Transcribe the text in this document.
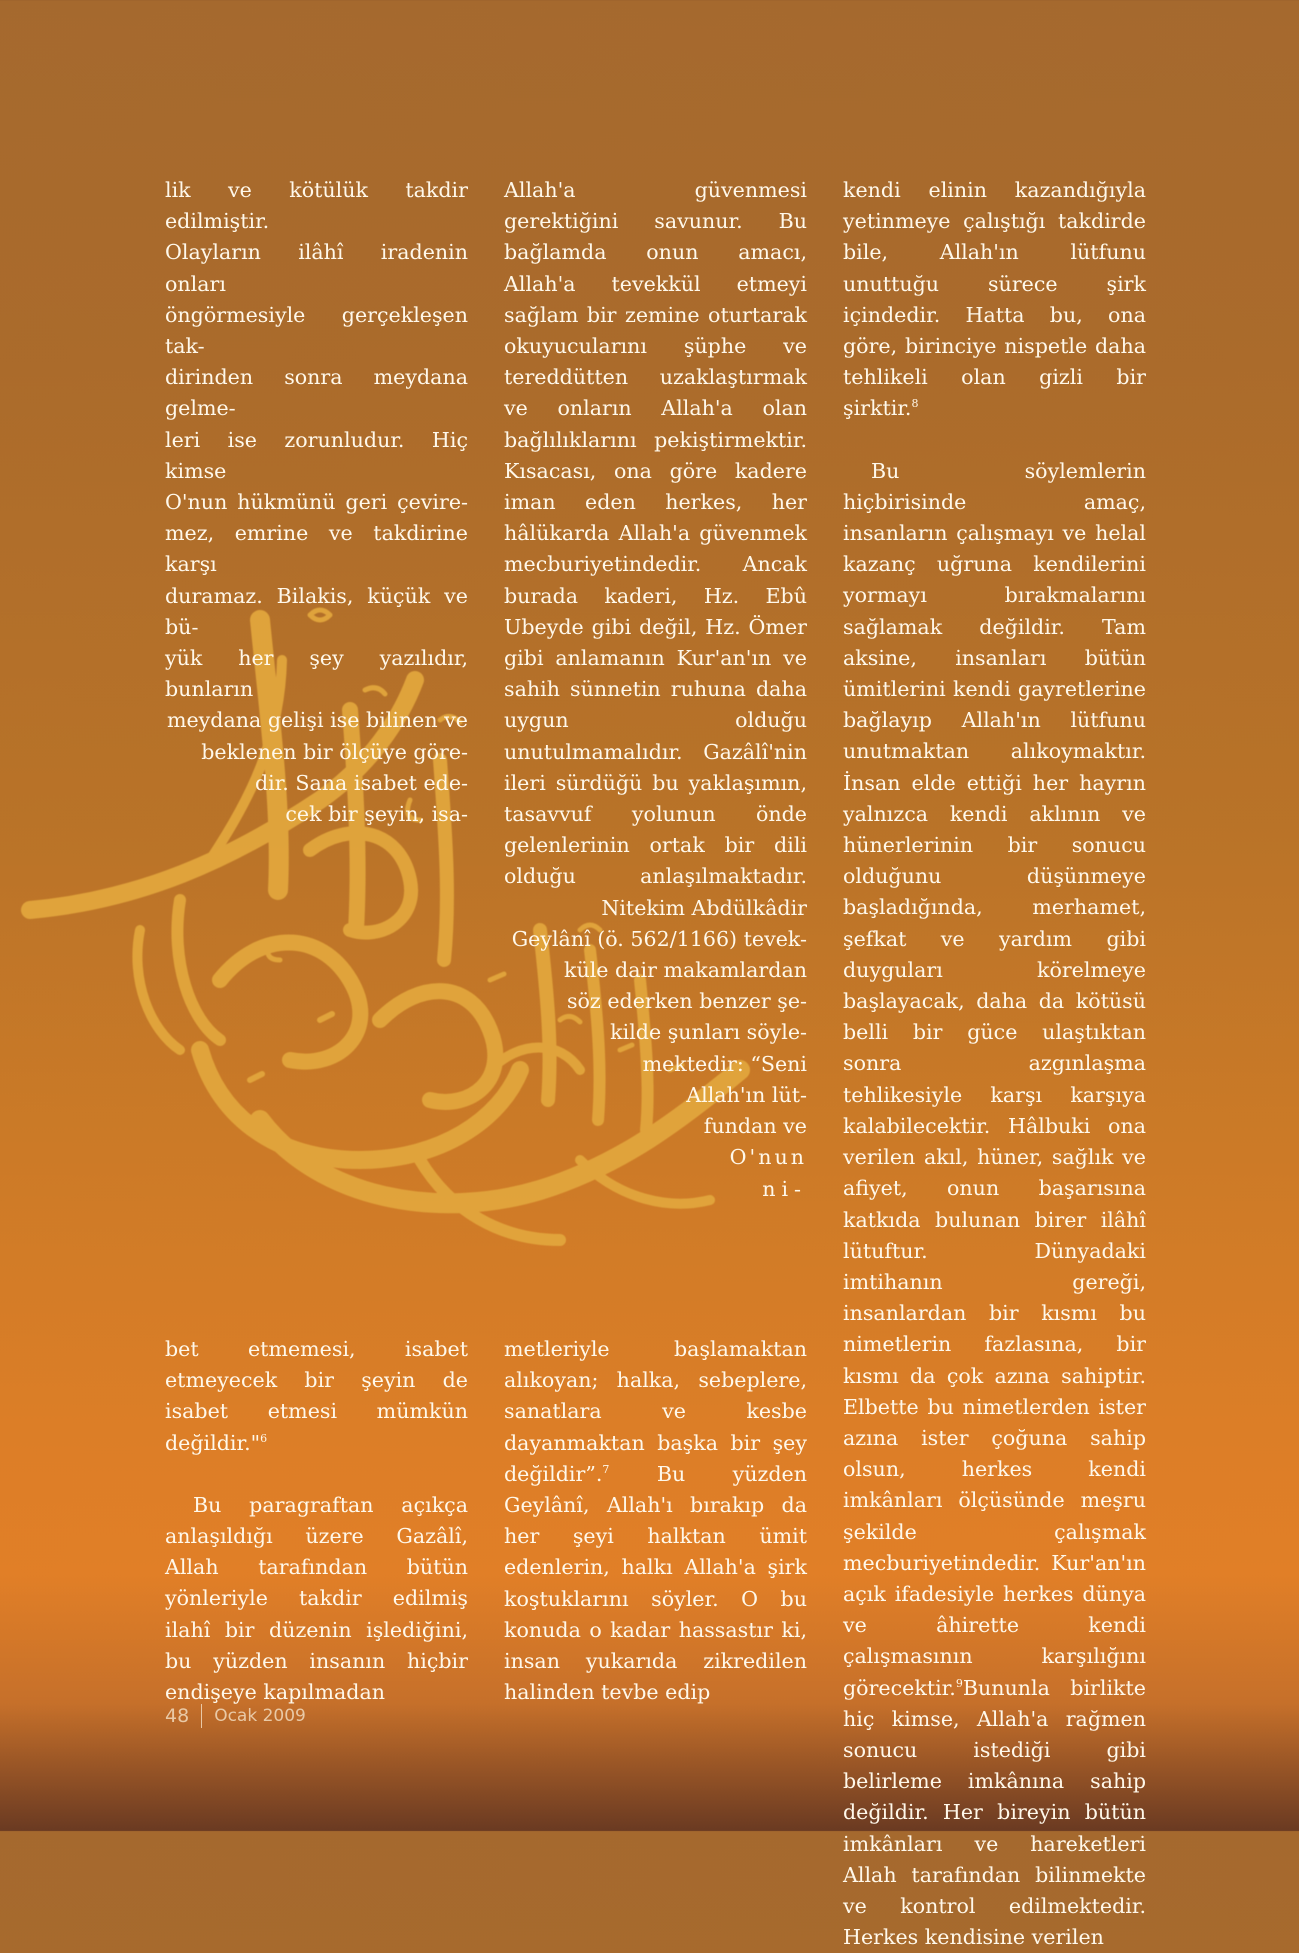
lik ve kötülük takdir edilmiştir.
Olayların ilâhî iradenin onları
öngörmesiyle gerçekleşen tak-
dirinden sonra meydana gelme-
leri ise zorunludur. Hiç kimse
O'nun hükmünü geri çevire-
mez, emrine ve takdirine karşı
duramaz. Bilakis, küçük ve bü-
yük her şey yazılıdır, bunların
meydana gelişi ise bilinen ve
beklenen bir ölçüye göre-
dir. Sana isabet ede-
cek bir şeyin, isa-

bet etmemesi, isabet etmeyecek bir şeyin de isabet etmesi mümkün değildir."$^6$

Bu paragraftan açıkça anlaşıldığı üzere Gazâlî, Allah tarafından bütün yönleriyle takdir edilmiş ilahî bir düzenin işlediğini, bu yüzden insanın hiçbir endişeye kapılmadan

Allah'a güvenmesi gerektiğini savunur. Bu bağlamda onun amacı, Allah'a tevekkül etmeyi sağlam bir zemine oturtarak okuyucularını şüphe ve tereddütten uzaklaştırmak ve onların Allah'a olan bağlılıklarını pekiştirmektir. Kısacası, ona göre kadere iman eden herkes, her hâlükarda Allah'a güvenmek mecburiyetindedir. Ancak burada kaderi, Hz. Ebû Ubeyde gibi değil, Hz. Ömer gibi anlamanın Kur'an'ın ve sahih sünnetin ruhuna daha uygun olduğu unutulmamalıdır. Gazâlî'nin ileri sürdüğü bu yaklaşımın, tasavvuf yolunun önde gelenlerinin ortak bir dili olduğu anlaşılmaktadır. Nitekim Abdülkâdir

Geylânî (ö. 562/1166) tevek-
küle dair makamlardan
söz ederken benzer şe-
kilde şunları söyle-
mektedir: “Seni
Allah'ın lüt-
fundan ve
O'nun
ni-

metleriyle başlamaktan alıkoyan; halka, sebeplere, sanatlara ve kesbe dayanmaktan başka bir şey değildir”.$^7$ Bu yüzden Geylânî, Allah'ı bırakıp da her şeyi halktan ümit edenlerin, halkı Allah'a şirk koştuklarını söyler. O bu konuda o kadar hassastır ki, insan yukarıda zikredilen halinden tevbe edip

kendi elinin kazandığıyla yetinmeye çalıştığı takdirde bile, Allah'ın lütfunu unuttuğu sürece şirk içindedir. Hatta bu, ona göre, birinciye nispetle daha tehlikeli olan gizli bir şirktir.$^8$

Bu söylemlerin hiçbirisinde amaç, insanların çalışmayı ve helal kazanç uğruna kendilerini yormayı bırakmalarını sağlamak değildir. Tam aksine, insanları bütün ümitlerini kendi gayretlerine bağlayıp Allah'ın lütfunu unutmaktan alıkoymaktır. İnsan elde ettiği her hayrın yalnızca kendi aklının ve hünerlerinin bir sonucu olduğunu düşünmeye başladığında, merhamet, şefkat ve yardım gibi duyguları körelmeye başlayacak, daha da kötüsü belli bir güce ulaştıktan sonra azgınlaşma tehlikesiyle karşı karşıya kalabilecektir. Hâlbuki ona verilen akıl, hüner, sağlık ve afiyet, onun başarısına katkıda bulunan birer ilâhî lütuftur. Dünyadaki imtihanın gereği, insanlardan bir kısmı bu nimetlerin fazlasına, bir kısmı da çok azına sahiptir. Elbette bu nimetlerden ister azına ister çoğuna sahip olsun, herkes kendi imkânları ölçüsünde meşru şekilde çalışmak mecburiyetindedir. Kur'an'ın açık ifadesiyle herkes dünya ve âhirette kendi çalışmasının karşılığını görecektir.$^9$Bununla birlikte hiç kimse, Allah'a rağmen sonucu istediği gibi belirleme imkânına sahip değildir. Her bireyin bütün imkânları ve hareketleri Allah tarafından bilinmekte ve kontrol edilmektedir. Herkes kendisine verilen

48 Ocak 2009
